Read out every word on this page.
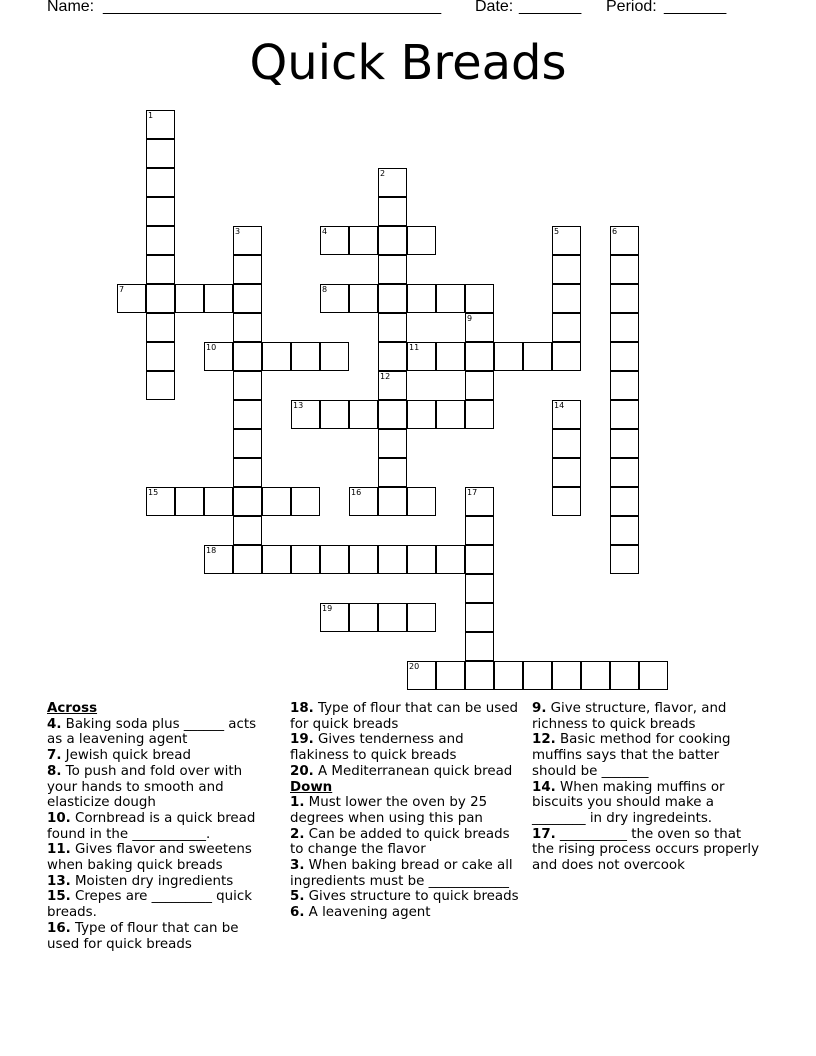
Name: ______________________________________ Date: _______ Period: _______
Quick Breads
1
2
3	4	5	6
7	8
9
10	11
12
13	14
15	16	17
18
19
20
Across
4. Baking soda plus ______ acts as a leavening agent
7. Jewish quick bread
8. To push and fold over with your hands to smooth and elasticize dough
10. Cornbread is a quick bread found in the ___________.
11. Gives flavor and sweetens when baking quick breads
13. Moisten dry ingredients
15. Crepes are _________ quick breads.
16. Type of flour that can be used for quick breads
18. Type of flour that can be used for quick breads
19. Gives tenderness and flakiness to quick breads
20. A Mediterranean quick bread
Down
1. Must lower the oven by 25 degrees when using this pan
2. Can be added to quick breads to change the flavor
3. When baking bread or cake all ingredients must be ____________
5. Gives structure to quick breads
6. A leavening agent
9. Give structure, flavor, and richness to quick breads
12. Basic method for cooking muffins says that the batter should be _______
14. When making muffins or biscuits you should make a ________ in dry ingredeints.
17. __________ the oven so that the rising process occurs properly and does not overcook
